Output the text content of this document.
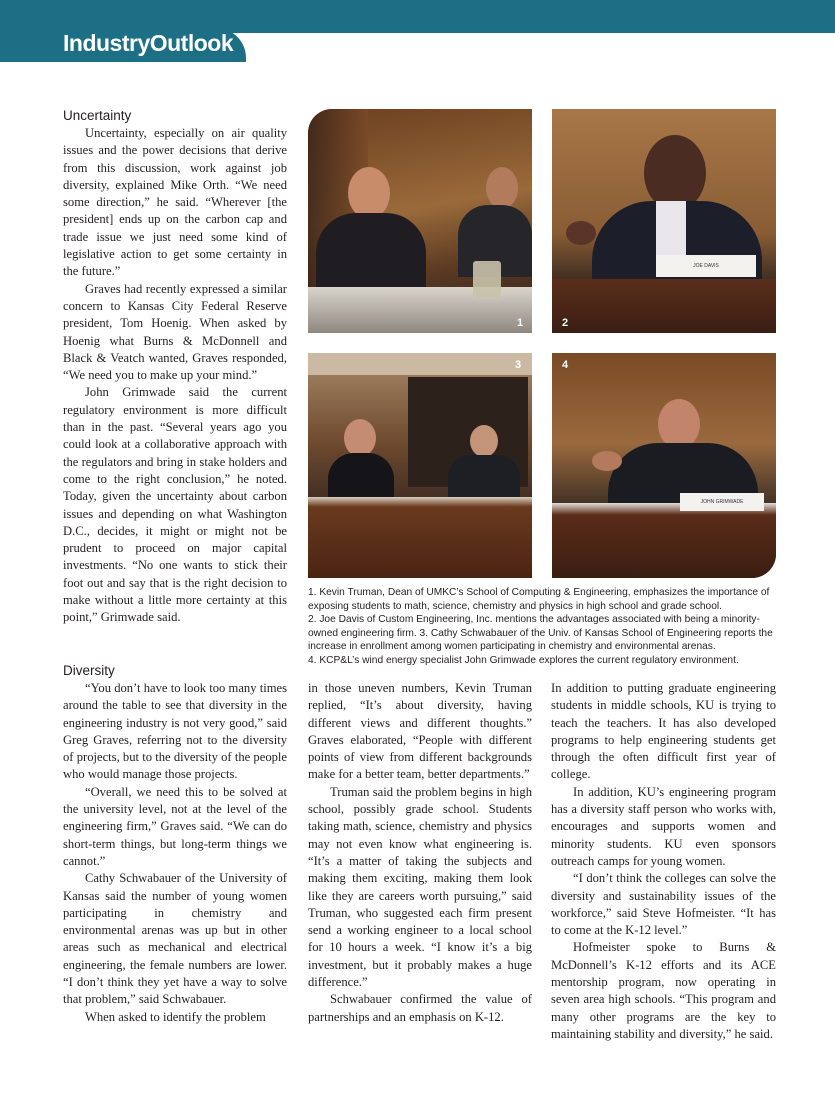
IndustryOutlook
Uncertainty

Uncertainty, especially on air quality issues and the power decisions that derive from this discussion, work against job diversity, explained Mike Orth. “We need some direction,” he said. “Wherever [the president] ends up on the carbon cap and trade issue we just need some kind of legislative action to get some certainty in the future.”

Graves had recently expressed a similar concern to Kansas City Federal Reserve president, Tom Hoenig. When asked by Hoenig what Burns & McDonnell and Black & Veatch wanted, Graves responded, “We need you to make up your mind.”

John Grimwade said the current regulatory environment is more difficult than in the past. “Several years ago you could look at a collaborative approach with the regulators and bring in stake holders and come to the right conclusion,” he noted. Today, given the uncertainty about carbon issues and depending on what Washington D.C., decides, it might or might not be prudent to proceed on major capital investments. “No one wants to stick their foot out and say that is the right decision to make without a little more certainty at this point,” Grimwade said.

Diversity

“You don’t have to look too many times around the table to see that diversity in the engineering industry is not very good,” said Greg Graves, referring not to the diversity of projects, but to the diversity of the people who would manage those projects.

“Overall, we need this to be solved at the university level, not at the level of the engineering firm,” Graves said. “We can do short-term things, but long-term things we cannot.”

Cathy Schwabauer of the University of Kansas said the number of young women participating in chemistry and environmental arenas was up but in other areas such as mechanical and electrical engineering, the female numbers are lower. “I don’t think they yet have a way to solve that problem,” said Schwabauer.

When asked to identify the problem

in those uneven numbers, Kevin Truman replied, “It’s about diversity, having different views and different thoughts.” Graves elaborated, “People with different points of view from different backgrounds make for a better team, better departments.”

Truman said the problem begins in high school, possibly grade school. Students taking math, science, chemistry and physics may not even know what engineering is. “It’s a matter of taking the subjects and making them exciting, making them look like they are careers worth pursuing,” said Truman, who suggested each firm present send a working engineer to a local school for 10 hours a week. “I know it’s a big investment, but it probably makes a huge difference.”

Schwabauer confirmed the value of partnerships and an emphasis on K-12.

In addition to putting graduate engineering students in middle schools, KU is trying to teach the teachers. It has also developed programs to help engineering students get through the often difficult first year of college.

In addition, KU’s engineering program has a diversity staff person who works with, encourages and supports women and minority students. KU even sponsors outreach camps for young women.

“I don’t think the colleges can solve the diversity and sustainability issues of the workforce,” said Steve Hofmeister. “It has to come at the K-12 level.”

Hofmeister spoke to Burns & McDonnell’s K-12 efforts and its ACE mentorship program, now operating in seven area high schools. “This program and many other programs are the key to maintaining stability and diversity,” he said.

1
JOE DAVIS
2
3
JOHN GRIMWADE
4

1. Kevin Truman, Dean of UMKC’s School of Computing & Engineering, emphasizes the importance of exposing students to math, science, chemistry and physics in high school and grade school.

2. Joe Davis of Custom Engineering, Inc. mentions the advantages associated with being a minority-owned engineering firm. 3. Cathy Schwabauer of the Univ. of Kansas School of Engineering reports the increase in enrollment among women participating in chemistry and environmental arenas.

4. KCP&L’s wind energy specialist John Grimwade explores the current regulatory environment.
